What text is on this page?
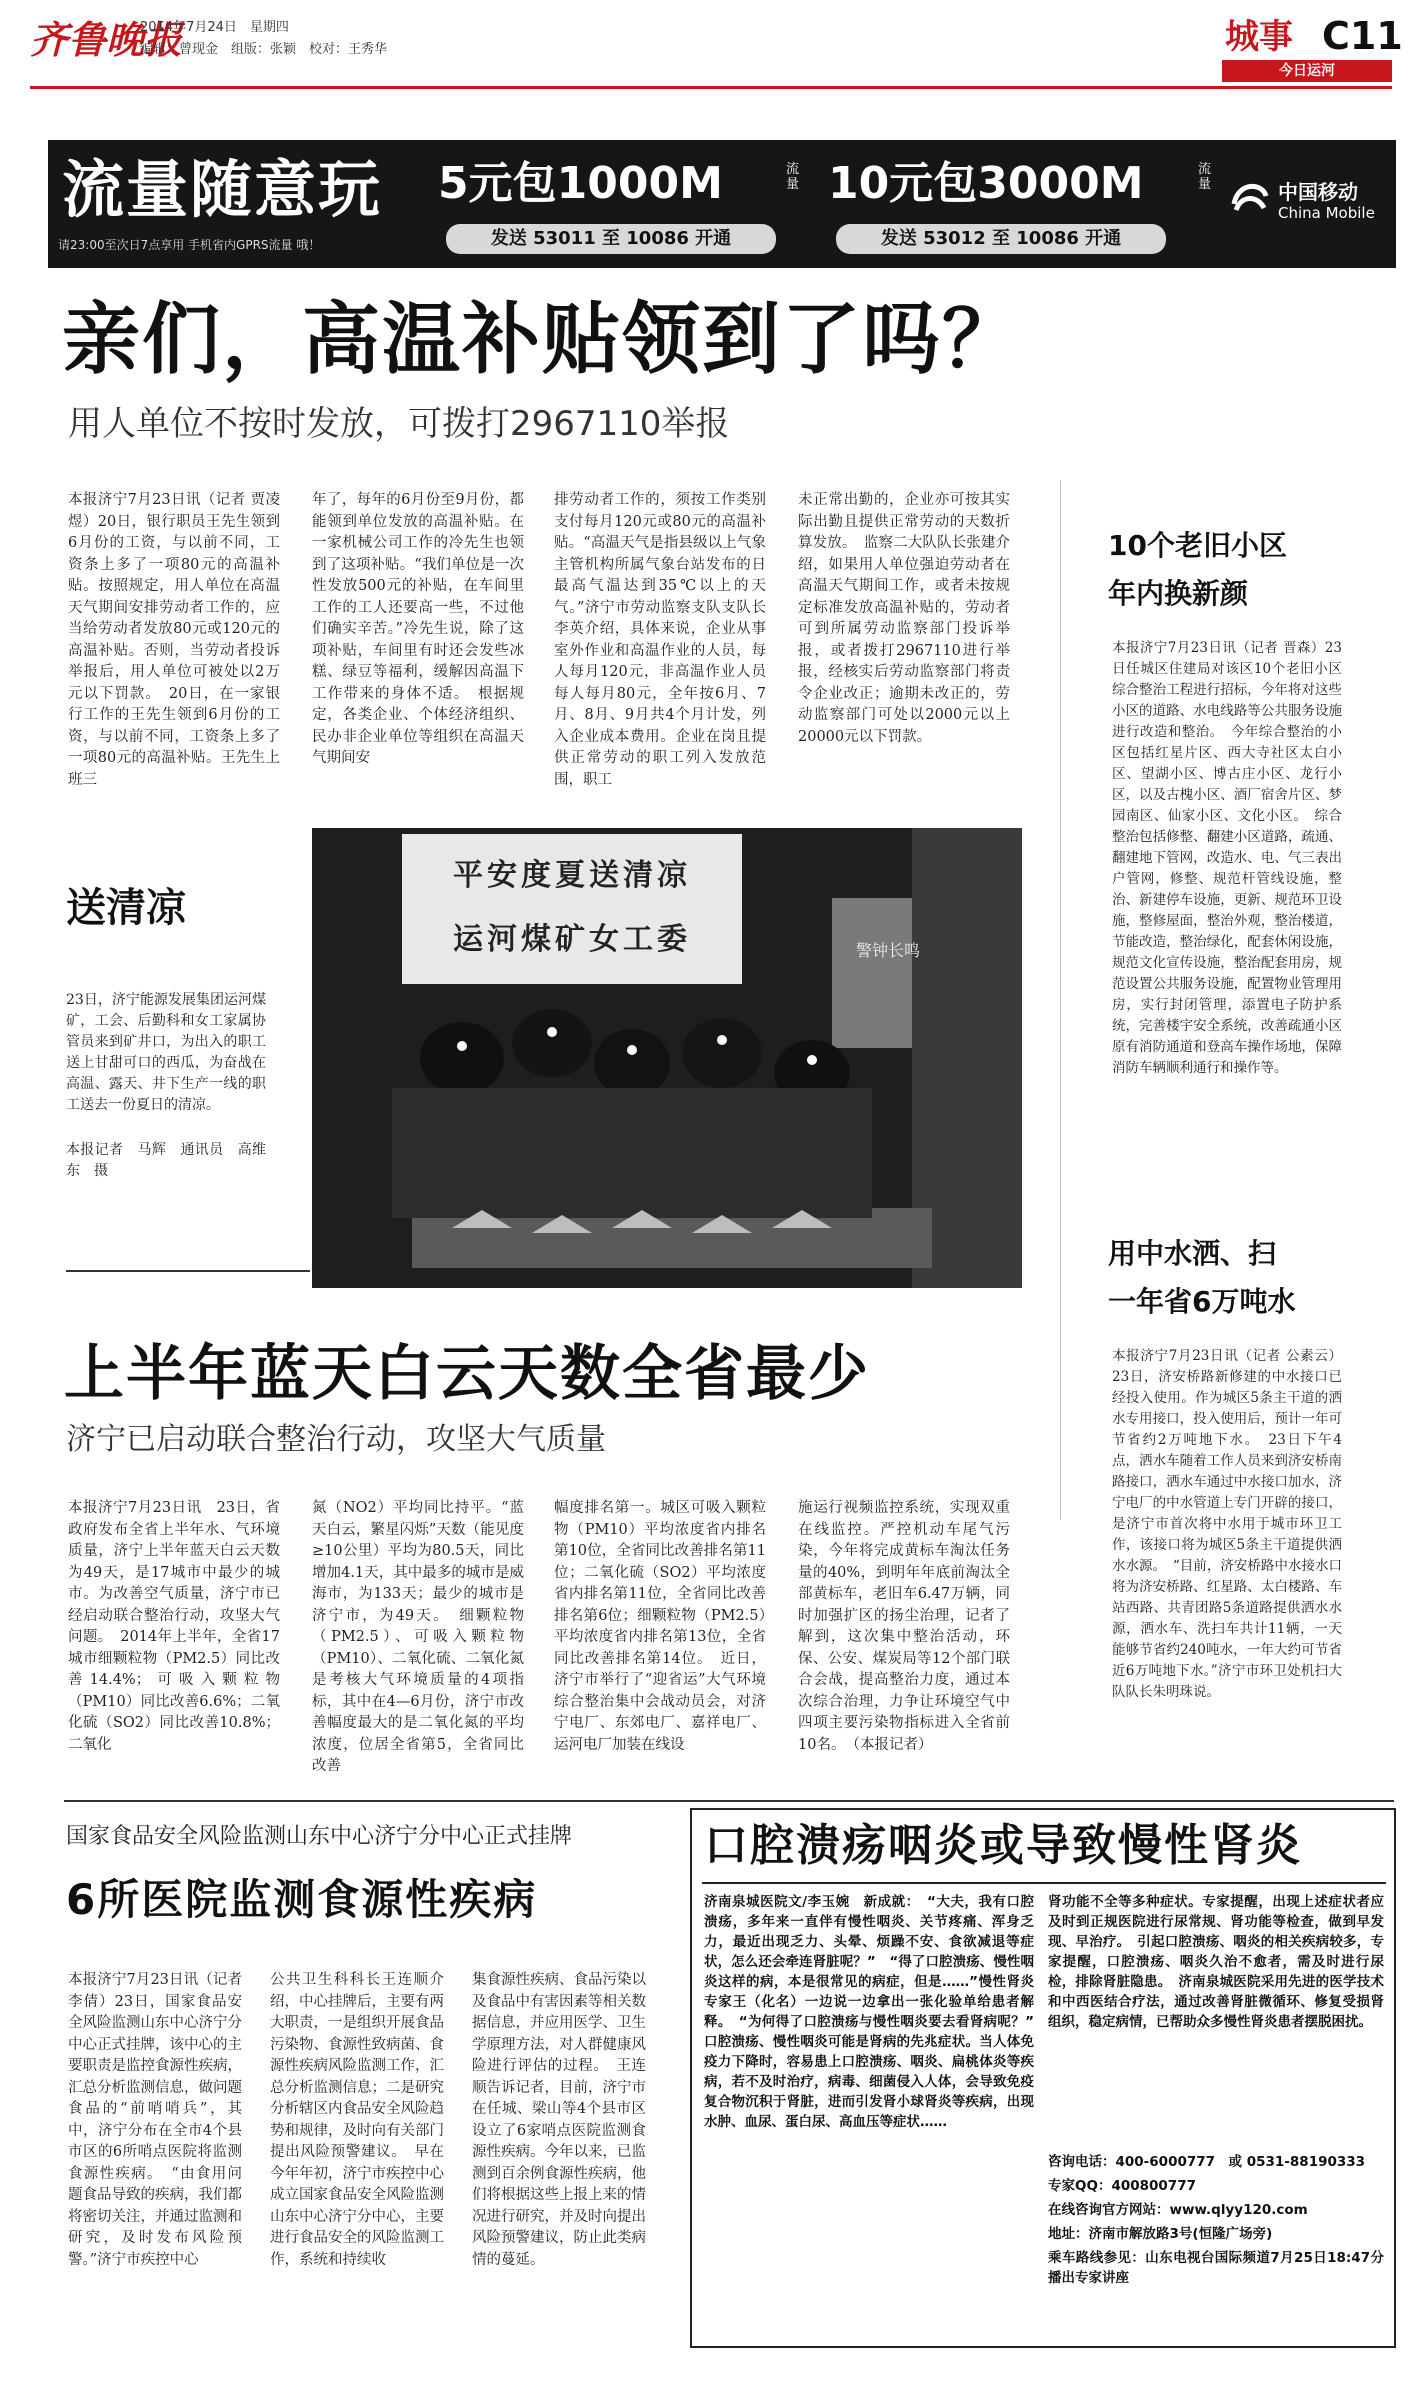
齐鲁晚报
2014年7月24日　星期四
编辑：曾现金　组版：张颖　校对：王秀华	城事 C11
今日运河
流量随意玩
请23:00至次日7点享用 手机省内GPRS流量 哦！
5元包1000M	流量
发送 53011 至 10086 开通
10元包3000M	流量
发送 53012 至 10086 开通
中国移动
China Mobile
亲们，高温补贴领到了吗？
用人单位不按时发放，可拨打2967110举报
本报济宁7月23日讯（记者 贾凌煜）20日，银行职员王先生领到6月份的工资，与以前不同，工资条上多了一项80元的高温补贴。按照规定，用人单位在高温天气期间安排劳动者工作的，应当给劳动者发放80元或120元的高温补贴。否则，当劳动者投诉举报后，用人单位可被处以2万元以下罚款。　20日，在一家银行工作的王先生领到6月份的工资，与以前不同，工资条上多了一项80元的高温补贴。王先生上班三
年了，每年的6月份至9月份，都能领到单位发放的高温补贴。在一家机械公司工作的冷先生也领到了这项补贴。“我们单位是一次性发放500元的补贴，在车间里工作的工人还要高一些，不过他们确实辛苦。”冷先生说，除了这项补贴，车间里有时还会发些冰糕、绿豆等福利，缓解因高温下工作带来的身体不适。　根据规定，各类企业、个体经济组织、民办非企业单位等组织在高温天气期间安
排劳动者工作的，须按工作类别支付每月120元或80元的高温补贴。“高温天气是指县级以上气象主管机构所属气象台站发布的日最高气温达到35℃以上的天气。”济宁市劳动监察支队支队长李英介绍，具体来说，企业从事室外作业和高温作业的人员，每人每月120元，非高温作业人员每人每月80元，全年按6月、7月、8月、9月共4个月计发，列入企业成本费用。企业在岗且提供正常劳动的职工列入发放范围，职工
未正常出勤的，企业亦可按其实际出勤且提供正常劳动的天数折算发放。　监察二大队队长张建介绍，如果用人单位强迫劳动者在高温天气期间工作，或者未按规定标准发放高温补贴的，劳动者可到所属劳动监察部门投诉举报，或者拨打2967110进行举报，经核实后劳动监察部门将责令企业改正；逾期未改正的，劳动监察部门可处以2000元以上20000元以下罚款。
送清凉
23日，济宁能源发展集团运河煤矿，工会、后勤科和女工家属协管员来到矿井口，为出入的职工送上甘甜可口的西瓜，为奋战在高温、露天、井下生产一线的职工送去一份夏日的清凉。
本报记者　马辉　通讯员　高维东　摄
平安度夏送清凉
运河煤矿女工委	警钟长鸣
10个老旧小区
年内换新颜
本报济宁7月23日讯（记者 晋森）23日任城区住建局对该区10个老旧小区综合整治工程进行招标，今年将对这些小区的道路、水电线路等公共服务设施进行改造和整治。　今年综合整治的小区包括红星片区、西大寺社区太白小区、望湖小区、博古庄小区、龙行小区，以及古槐小区、酒厂宿舍片区、梦园南区、仙家小区、文化小区。　综合整治包括修整、翻建小区道路，疏通、翻建地下管网，改造水、电、气三表出户管网，修整、规范杆管线设施，整治、新建停车设施，更新、规范环卫设施，整修屋面，整治外观，整治楼道，节能改造，整治绿化，配套休闲设施，规范文化宣传设施，整治配套用房，规范设置公共服务设施，配置物业管理用房，实行封闭管理，添置电子防护系统，完善楼宇安全系统，改善疏通小区原有消防通道和登高车操作场地，保障消防车辆顺利通行和操作等。
用中水洒、扫
一年省6万吨水
本报济宁7月23日讯（记者 公素云）23日，济安桥路新修建的中水接口已经投入使用。作为城区5条主干道的洒水专用接口，投入使用后，预计一年可节省约2万吨地下水。　23日下午4点，洒水车随着工作人员来到济安桥南路接口，洒水车通过中水接口加水，济宁电厂的中水管道上专门开辟的接口，是济宁市首次将中水用于城市环卫工作，该接口将为城区5条主干道提供洒水水源。　“目前，济安桥路中水接水口将为济安桥路、红星路、太白楼路、车站西路、共青团路5条道路提供洒水水源，洒水车、洗扫车共计11辆，一天能够节省约240吨水，一年大约可节省近6万吨地下水。”济宁市环卫处机扫大队队长朱明珠说。
上半年蓝天白云天数全省最少
济宁已启动联合整治行动，攻坚大气质量
本报济宁7月23日讯　23日，省政府发布全省上半年水、气环境质量，济宁上半年蓝天白云天数为49天，是17城市中最少的城市。为改善空气质量，济宁市已经启动联合整治行动，攻坚大气问题。　2014年上半年，全省17城市细颗粒物（PM2.5）同比改善14.4%；可吸入颗粒物（PM10）同比改善6.6%；二氧化硫（SO2）同比改善10.8%；二氧化
氮（NO2）平均同比持平。“蓝天白云，繁星闪烁”天数（能见度≥10公里）平均为80.5天，同比增加4.1天，其中最多的城市是威海市，为133天；最少的城市是济宁市，为49天。　细颗粒物（PM2.5）、可吸入颗粒物（PM10）、二氧化硫、二氧化氮是考核大气环境质量的4项指标，其中在4—6月份，济宁市改善幅度最大的是二氧化氮的平均浓度，位居全省第5，全省同比改善
幅度排名第一。城区可吸入颗粒物（PM10）平均浓度省内排名第10位，全省同比改善排名第11位；二氧化硫（SO2）平均浓度省内排名第11位，全省同比改善排名第6位；细颗粒物（PM2.5）平均浓度省内排名第13位，全省同比改善排名第14位。　近日，济宁市举行了“迎省运”大气环境综合整治集中会战动员会，对济宁电厂、东郊电厂、嘉祥电厂、运河电厂加装在线设
施运行视频监控系统，实现双重在线监控。严控机动车尾气污染，今年将完成黄标车淘汰任务量的40%，到明年年底前淘汰全部黄标车，老旧车6.47万辆，同时加强扩区的扬尘治理，记者了解到，这次集中整治活动，环保、公安、煤炭局等12个部门联合会战，提高整治力度，通过本次综合治理，力争让环境空气中四项主要污染物指标进入全省前10名。　（本报记者）
国家食品安全风险监测山东中心济宁分中心正式挂牌
6所医院监测食源性疾病
本报济宁7月23日讯（记者 李倩）23日，国家食品安全风险监测山东中心济宁分中心正式挂牌，该中心的主要职责是监控食源性疾病，汇总分析监测信息，做问题食品的“前哨哨兵”，其中，济宁分布在全市4个县市区的6所哨点医院将监测食源性疾病。　“由食用问题食品导致的疾病，我们都将密切关注，并通过监测和研究，及时发布风险预警。”济宁市疾控中心
公共卫生科科长王连顺介绍，中心挂牌后，主要有两大职责，一是组织开展食品污染物、食源性致病菌、食源性疾病风险监测工作，汇总分析监测信息；二是研究分析辖区内食品安全风险趋势和规律，及时向有关部门提出风险预警建议。　早在今年年初，济宁市疾控中心成立国家食品安全风险监测山东中心济宁分中心，主要进行食品安全的风险监测工作，系统和持续收
集食源性疾病、食品污染以及食品中有害因素等相关数据信息，并应用医学、卫生学原理方法，对人群健康风险进行评估的过程。　王连顺告诉记者，目前，济宁市在任城、梁山等4个县市区设立了6家哨点医院监测食源性疾病。今年以来，已监测到百余例食源性疾病，他们将根据这些上报上来的情况进行研究，并及时向提出风险预警建议，防止此类病情的蔓延。
口腔溃疡咽炎或导致慢性肾炎
济南泉城医院文/李玉婉　新成就：　“大夫，我有口腔溃疡，多年来一直伴有慢性咽炎、关节疼痛、浑身乏力，最近出现乏力、头晕、烦躁不安、食欲减退等症状，怎么还会牵连肾脏呢？”　“得了口腔溃疡、慢性咽炎这样的病，本是很常见的病症，但是……”慢性肾炎专家王（化名）一边说一边拿出一张化验单给患者解释。　“为何得了口腔溃疡与慢性咽炎要去看肾病呢？”　口腔溃疡、慢性咽炎可能是肾病的先兆症状。当人体免疫力下降时，容易患上口腔溃疡、咽炎、扁桃体炎等疾病，若不及时治疗，病毒、细菌侵入人体，会导致免疫复合物沉积于肾脏，进而引发肾小球肾炎等疾病，出现水肿、血尿、蛋白尿、高血压等症状……
肾功能不全等多种症状。专家提醒，出现上述症状者应及时到正规医院进行尿常规、肾功能等检查，做到早发现、早治疗。　引起口腔溃疡、咽炎的相关疾病较多，专家提醒，口腔溃疡、咽炎久治不愈者，需及时进行尿检，排除肾脏隐患。　济南泉城医院采用先进的医学技术和中西医结合疗法，通过改善肾脏微循环、修复受损肾组织，稳定病情，已帮助众多慢性肾炎患者摆脱困扰。
咨询电话：400-6000777　或 0531-88190333
专家QQ：400800777
在线咨询官方网站：www.qlyy120.com
地址：济南市解放路3号(恒隆广场旁)
乘车路线参见：山东电视台国际频道7月25日18:47分播出专家讲座
